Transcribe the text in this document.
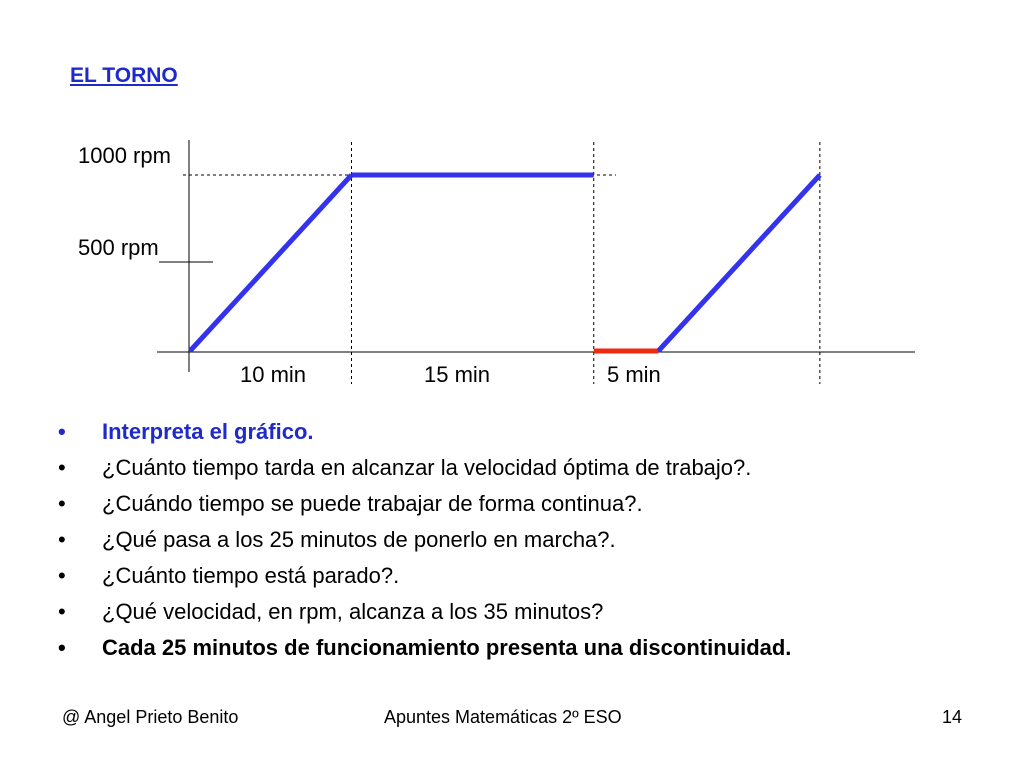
EL TORNO
1000 rpm
500 rpm
10 min	15 min	5 min
• Interpreta el gráfico.
• ¿Cuánto tiempo tarda en alcanzar la velocidad óptima de trabajo?.
• ¿Cuándo tiempo se puede trabajar de forma continua?.
• ¿Qué pasa a los 25 minutos de ponerlo en marcha?.
• ¿Cuánto tiempo está parado?.
• ¿Qué velocidad, en rpm, alcanza a los 35 minutos?
• Cada 25 minutos de funcionamiento presenta una discontinuidad.
@ Angel Prieto Benito	Apuntes Matemáticas 2º ESO	14
